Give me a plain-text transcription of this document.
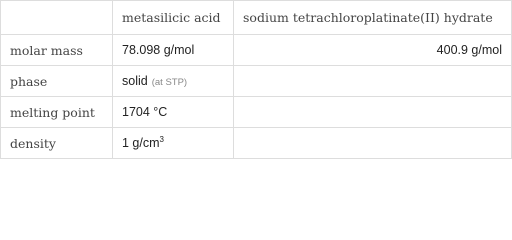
	metasilicic acid	sodium tetrachloroplatinate(II) hydrate
molar mass	78.098 g/mol	400.9 g/mol
phase	solid (at STP)	
melting point	1704 °C	
density	1 $g/cm^3$	
